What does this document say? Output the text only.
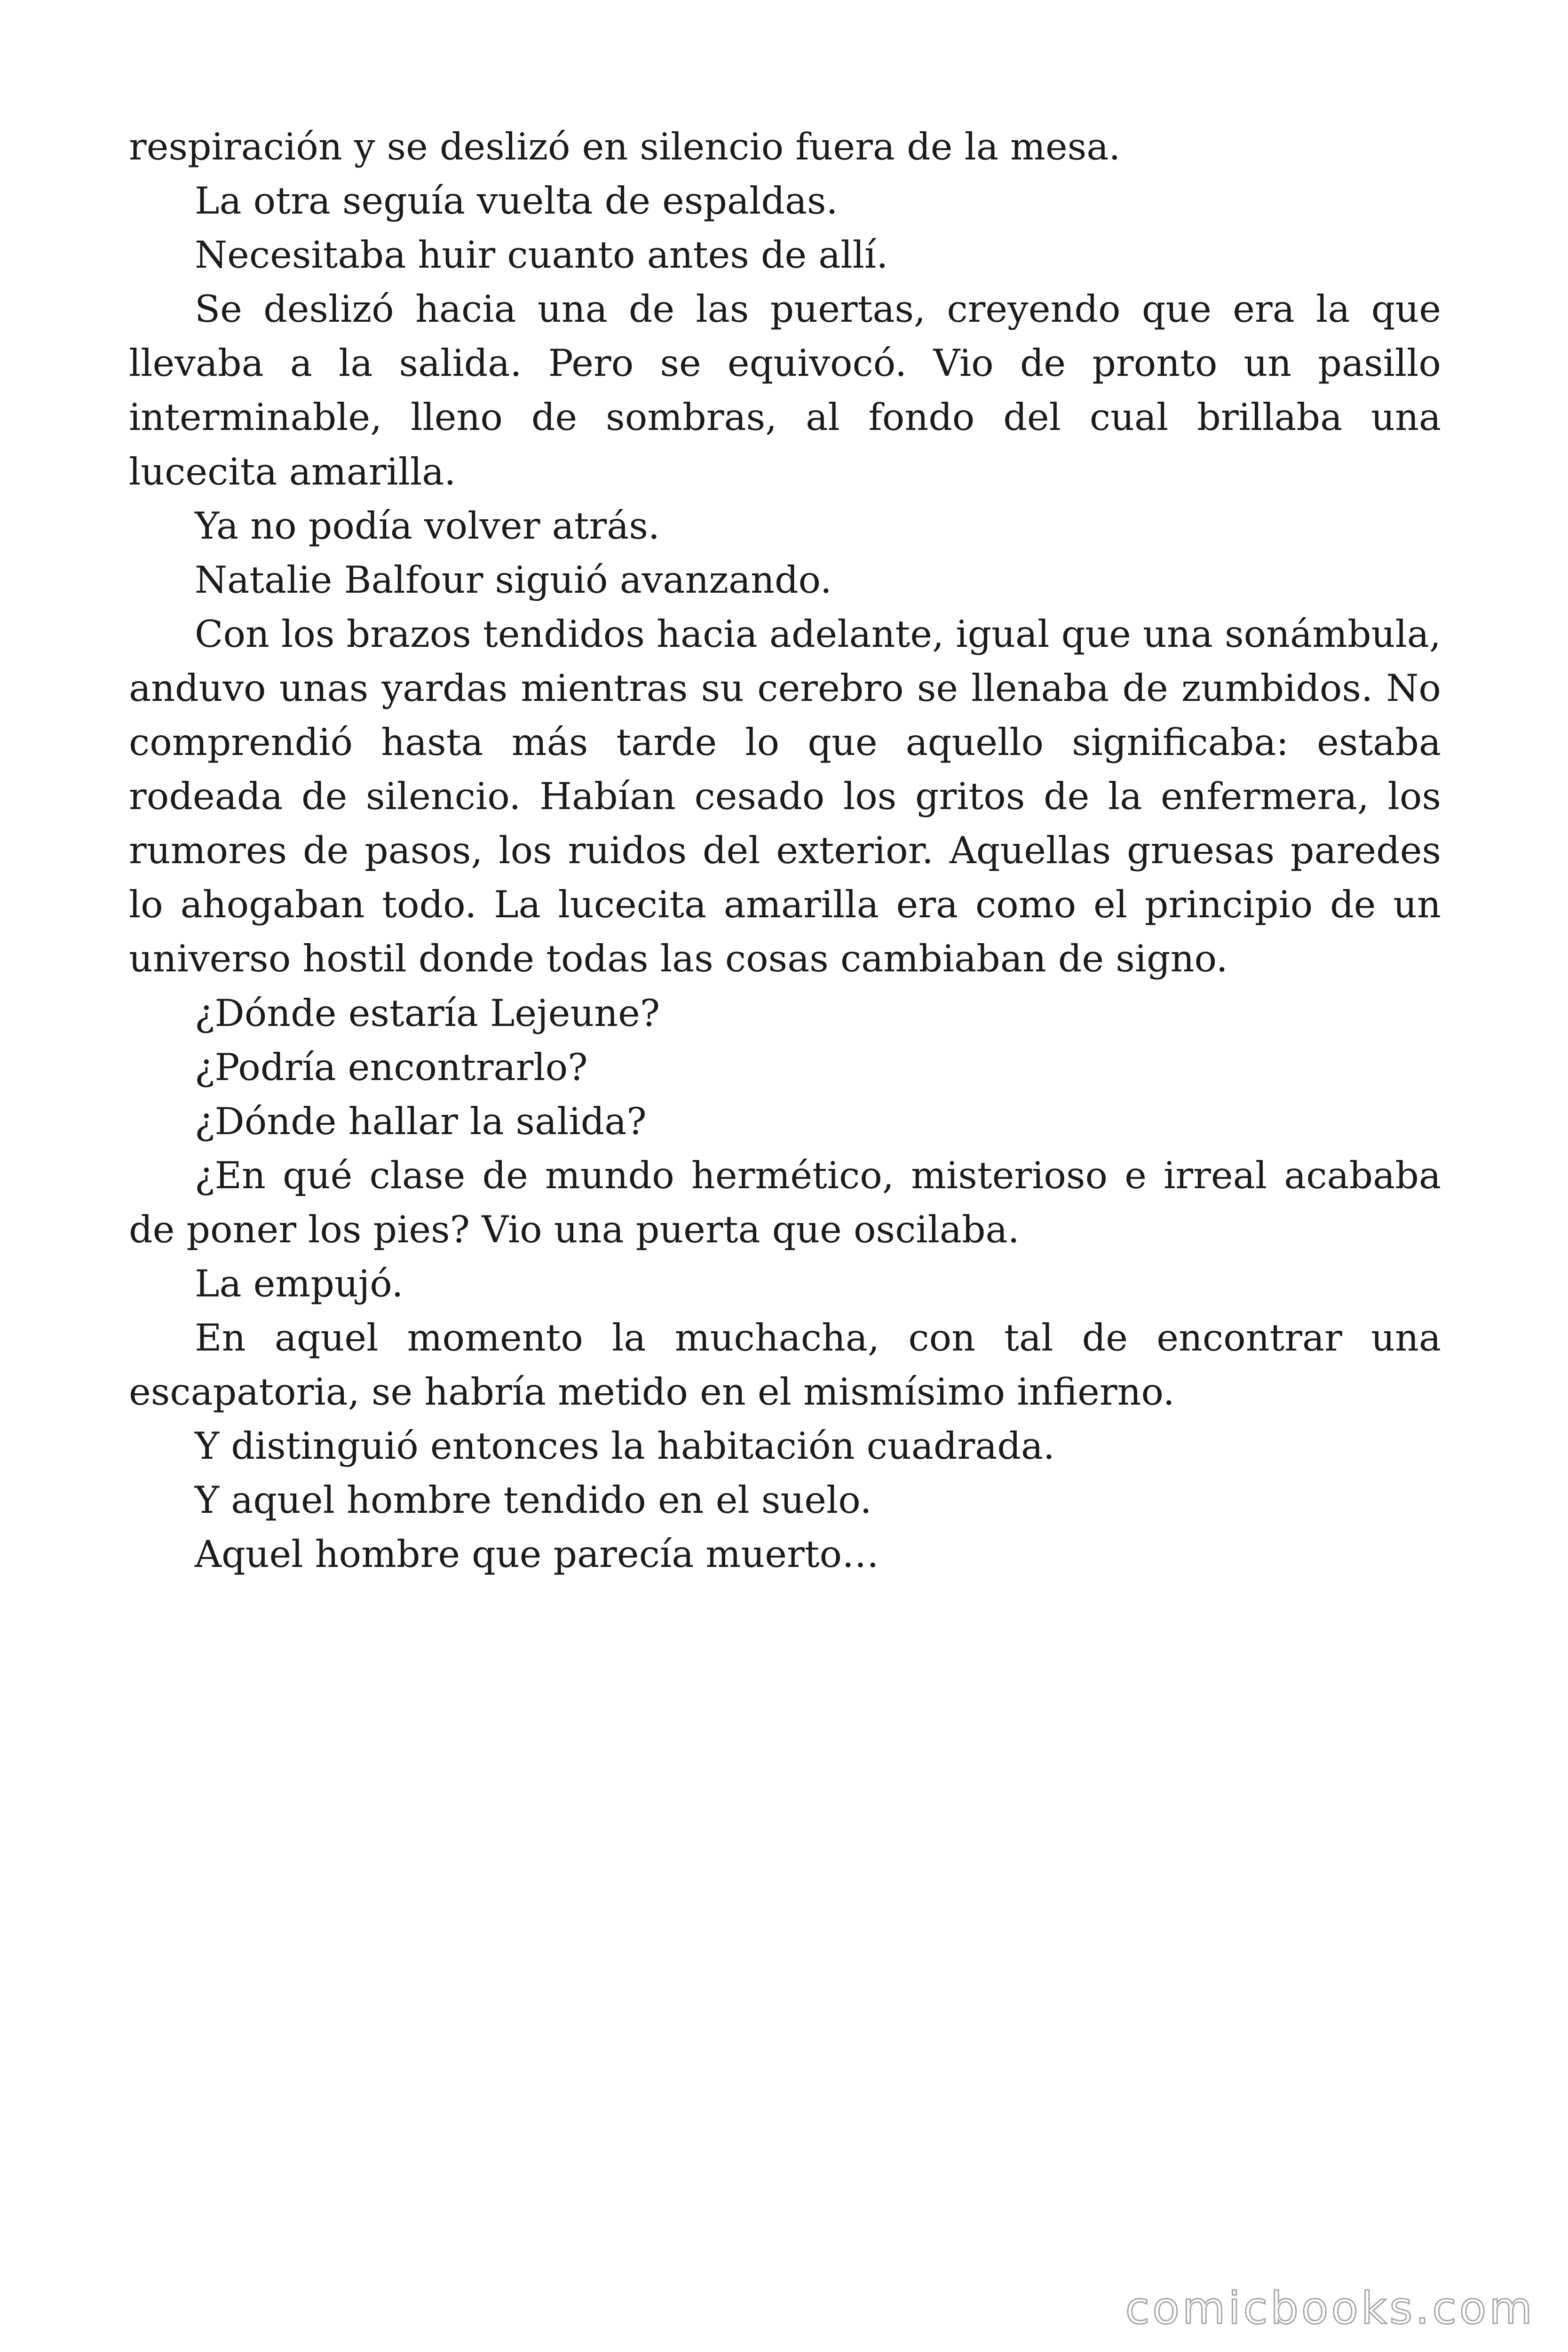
respiración y se deslizó en silencio fuera de la mesa.

La otra seguía vuelta de espaldas.

Necesitaba huir cuanto antes de allí.

Se deslizó hacia una de las puertas, creyendo que era la que llevaba a la salida. Pero se equivocó. Vio de pronto un pasillo interminable, lleno de sombras, al fondo del cual brillaba una lucecita amarilla.

Ya no podía volver atrás.

Natalie Balfour siguió avanzando.

Con los brazos tendidos hacia adelante, igual que una sonámbula, anduvo unas yardas mientras su cerebro se llenaba de zumbidos. No comprendió hasta más tarde lo que aquello significaba: estaba rodeada de silencio. Habían cesado los gritos de la enfermera, los rumores de pasos, los ruidos del exterior. Aquellas gruesas paredes lo ahogaban todo. La lucecita amarilla era como el principio de un universo hostil donde todas las cosas cambiaban de signo.

¿Dónde estaría Lejeune?

¿Podría encontrarlo?

¿Dónde hallar la salida?

¿En qué clase de mundo hermético, misterioso e irreal acababa de poner los pies? Vio una puerta que oscilaba.

La empujó.

En aquel momento la muchacha, con tal de encontrar una escapatoria, se habría metido en el mismísimo infierno.

Y distinguió entonces la habitación cuadrada.

Y aquel hombre tendido en el suelo.

Aquel hombre que parecía muerto…

comicbooks.com
